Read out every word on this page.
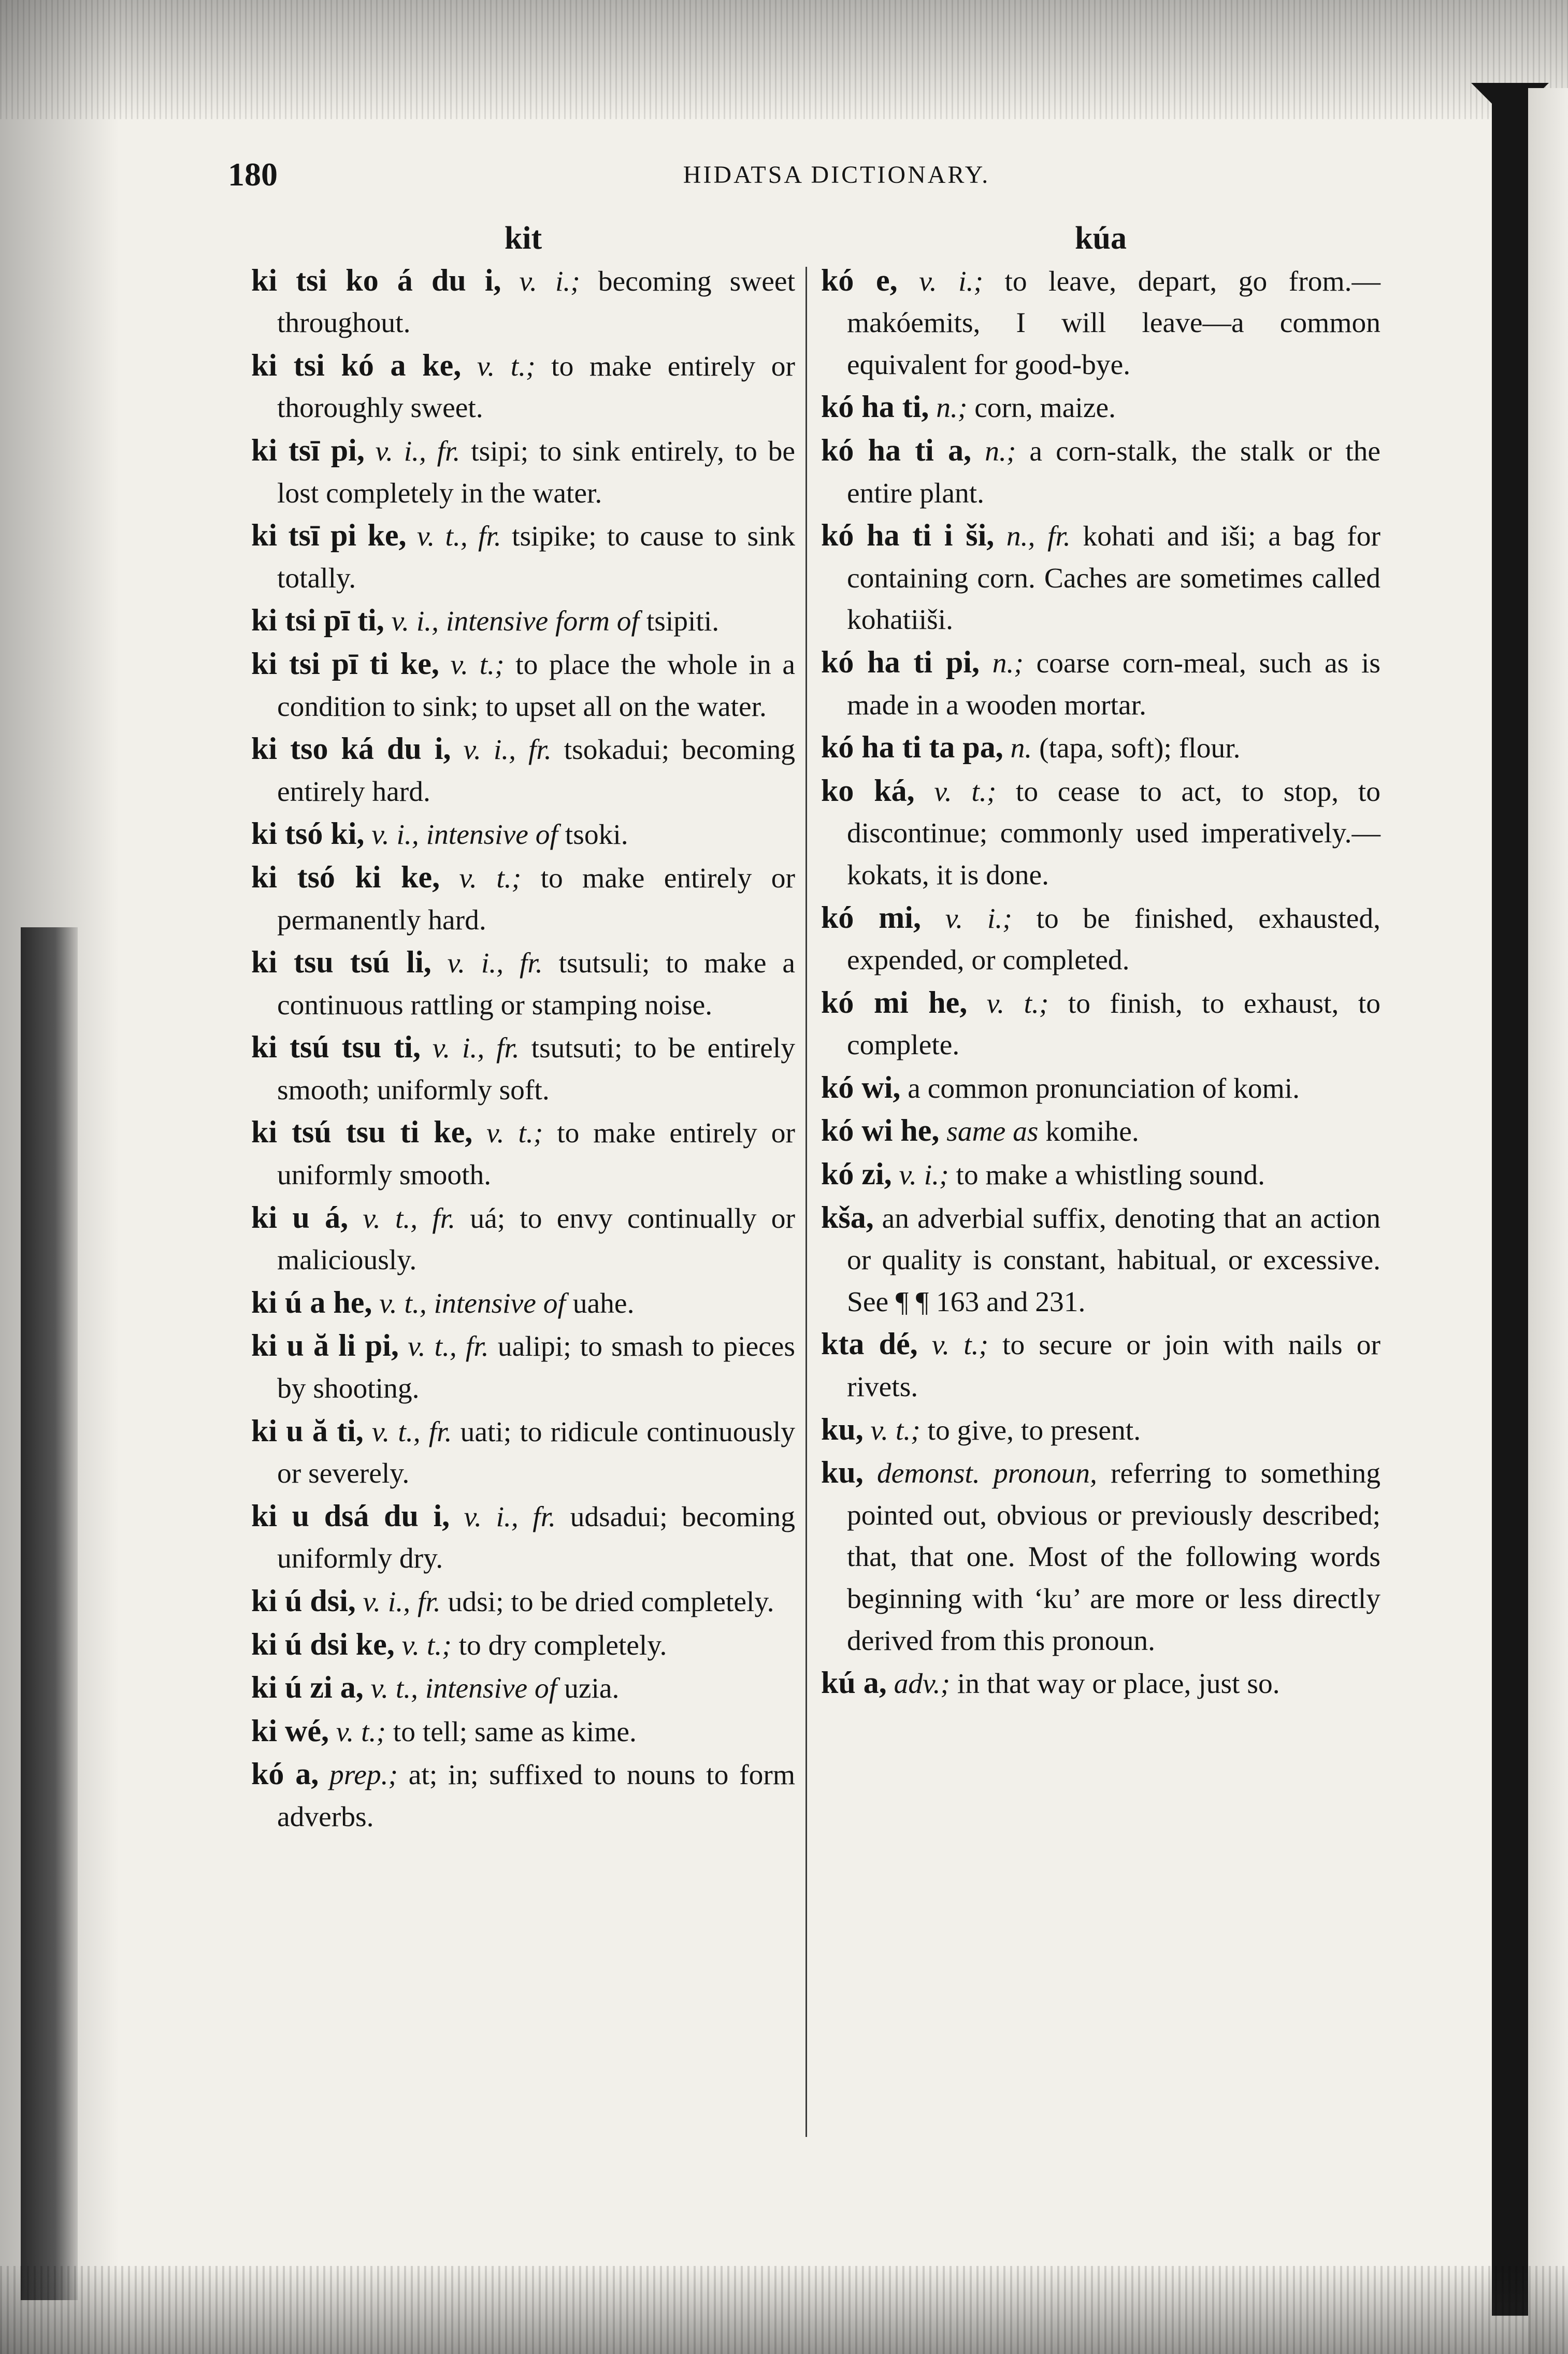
180	HIDATSA DICTIONARY.
kit

ki tsi ko á du i, v. i.; becoming sweet throughout.

ki tsi kó a ke, v. t.; to make entirely or thoroughly sweet.

ki tsī pi, v. i., fr. tsipi; to sink entirely, to be lost completely in the water.

ki tsī pi ke, v. t., fr. tsipike; to cause to sink totally.

ki tsi pī ti, v. i., intensive form of tsipiti.

ki tsi pī ti ke, v. t.; to place the whole in a condition to sink; to upset all on the water.

ki tso ká du i, v. i., fr. tsokadui; becoming entirely hard.

ki tsó ki, v. i., intensive of tsoki.

ki tsó ki ke, v. t.; to make entirely or permanently hard.

ki tsu tsú li, v. i., fr. tsutsuli; to make a continuous rattling or stamping noise.

ki tsú tsu ti, v. i., fr. tsutsuti; to be entirely smooth; uniformly soft.

ki tsú tsu ti ke, v. t.; to make entirely or uniformly smooth.

ki u á, v. t., fr. uá; to envy continually or maliciously.

ki ú a he, v. t., intensive of uahe.

ki u ă li pi, v. t., fr. ualipi; to smash to pieces by shooting.

ki u ă ti, v. t., fr. uati; to ridicule continuously or severely.

ki u dsá du i, v. i., fr. udsadui; becoming uniformly dry.

ki ú dsi, v. i., fr. udsi; to be dried completely.

ki ú dsi ke, v. t.; to dry completely.

ki ú zi a, v. t., intensive of uzia.

ki wé, v. t.; to tell; same as kime.

kó a, prep.; at; in; suffixed to nouns to form adverbs.

kúa

kó e, v. i.; to leave, depart, go from.—makóemits, I will leave—a common equivalent for good-bye.

kó ha ti, n.; corn, maize.

kó ha ti a, n.; a corn-stalk, the stalk or the entire plant.

kó ha ti i ši, n., fr. kohati and iši; a bag for containing corn. Caches are sometimes called kohatiiši.

kó ha ti pi, n.; coarse corn-meal, such as is made in a wooden mortar.

kó ha ti ta pa, n. (tapa, soft); flour.

ko ká, v. t.; to cease to act, to stop, to discontinue; commonly used imperatively.—kokats, it is done.

kó mi, v. i.; to be finished, exhausted, expended, or completed.

kó mi he, v. t.; to finish, to exhaust, to complete.

kó wi, a common pronunciation of komi.

kó wi he, same as komihe.

kó zi, v. i.; to make a whistling sound.

kša, an adverbial suffix, denoting that an action or quality is constant, habitual, or excessive. See ¶ ¶ 163 and 231.

kta dé, v. t.; to secure or join with nails or rivets.

ku, v. t.; to give, to present.

ku, demonst. pronoun, referring to something pointed out, obvious or previously described; that, that one. Most of the following words beginning with ‘ku’ are more or less directly derived from this pronoun.

kú a, adv.; in that way or place, just so.
